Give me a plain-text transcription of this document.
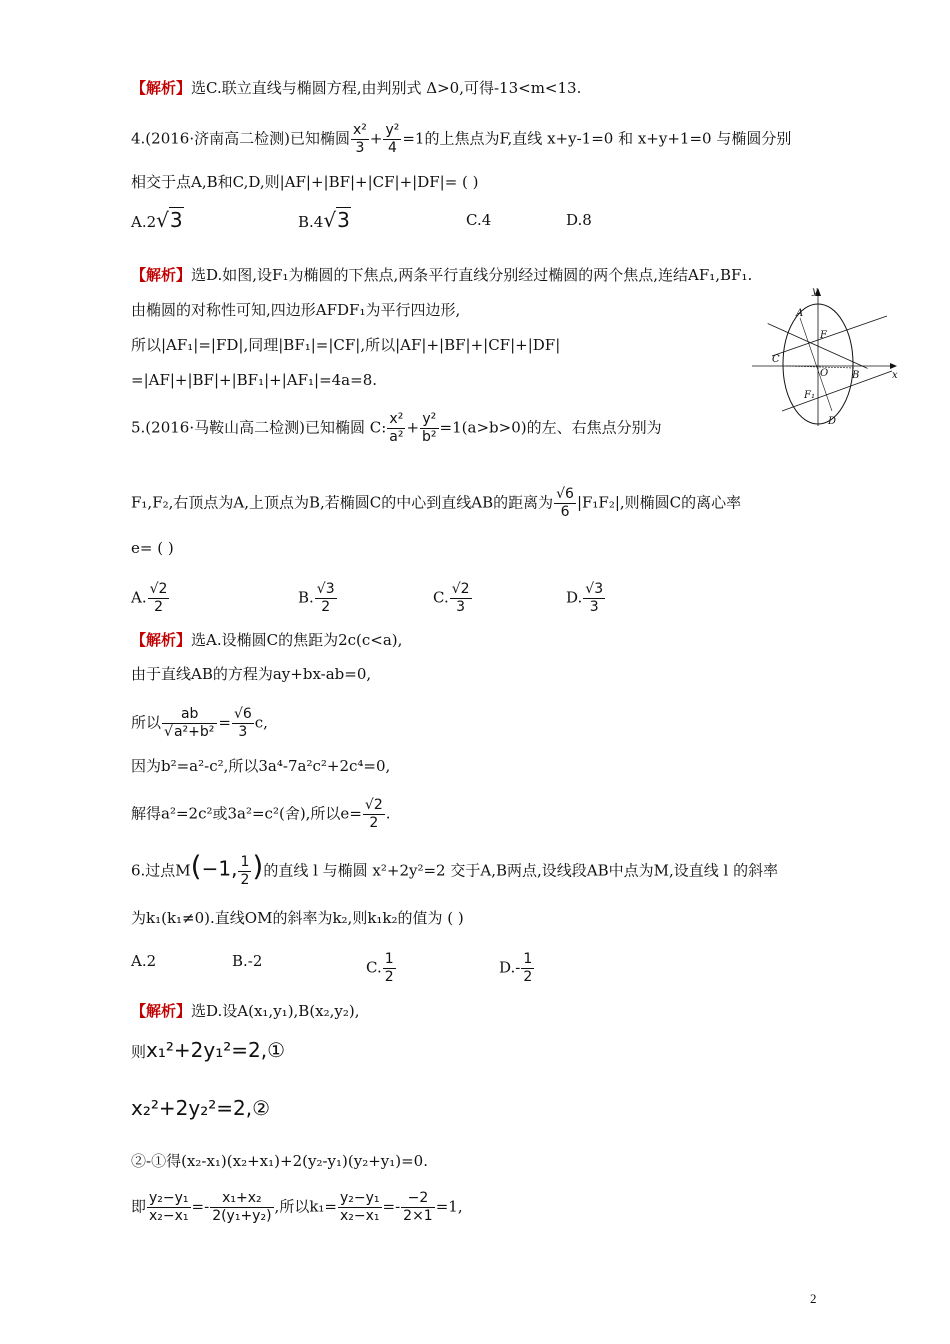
【解析】选C.联立直线与椭圆方程,由判别式 Δ>0,可得-13<m<13.
4.(2016·济南高二检测)已知椭圆 $\frac{\text{x²}}{3} + \frac{\text{y²}}{4} =1$的上焦点为F,直线 x+y-1=0 和 x+y+1=0 与椭圆分别
相交于点A,B和C,D,则|AF|+|BF|+|CF|+|DF|= ( )
A.2√3	B.4√3	C.4	D.8
【解析】选D.如图,设F₁为椭圆的下焦点,两条平行直线分别经过椭圆的两个焦点,连结AF₁,BF₁.
由椭圆的对称性可知,四边形AFDF₁为平行四边形,
所以|AF₁|=|FD|,同理|BF₁|=|CF|,所以|AF|+|BF|+|CF|+|DF|
=|AF|+|BF|+|BF₁|+|AF₁|=4a=8.
y
x
A
F
C
O B
F₁
D
5.(2016·马鞍山高二检测)已知椭圆 C: $\frac{\text{x²}}{\text{a²}} + \frac{\text{y²}}{\text{b²}} =1(a>b>0)$的左、右焦点分别为
F₁,F₂,右顶点为A,上顶点为B,若椭圆C的中心到直线AB的距离为 $\frac{√6}{6} |F_1F_2|$,则椭圆C的离心率
e= ( )
A. $\frac{√2}{2}$	B. $\frac{√3}{2}$	C. $\frac{√2}{3}$	D. $\frac{√3}{3}$
【解析】选A.设椭圆C的焦距为2c(c<a),
由于直线AB的方程为ay+bx-ab=0,
所以 $\frac{ab}{\text{√a²+b²}} = \frac{√6}{3} c$,
因为b²=a²-c²,所以3a⁴-7a²c²+2c⁴=0,
解得a²=2c²或3a²=c²(舍),所以$e= \frac{√2}{2}$ .
6.过点M(−1, $\frac{1}{2}$ )的直线 l 与椭圆 x²+2y²=2 交于A,B两点,设线段AB中点为M,设直线 l 的斜率
为k₁(k₁≠0).直线OM的斜率为k₂,则k₁k₂的值为 ( )
A.2	B.-2	C. $\frac{1}{2}$	$D.- \frac{1}{2}$
【解析】选D.设A(x₁,y₁),B(x₂,y₂),
则x₁²+2y₁²=2,①
x₂²+2y₂²=2,②
②-①得(x₂-x₁)(x₂+x₁)+2(y₂-y₁)(y₂+y₁)=0.
即 $\frac{\text{y₂−y₁}}{\text{x₂−x₁}} =- \frac{\text{x₁+x₂}}{\text{2(y₁+y₂)}}$ ,所以$k_1= \frac{\text{y₂−y₁}}{\text{x₂−x₁}} =- \frac{-2}{2\times 1} =1$,
2
